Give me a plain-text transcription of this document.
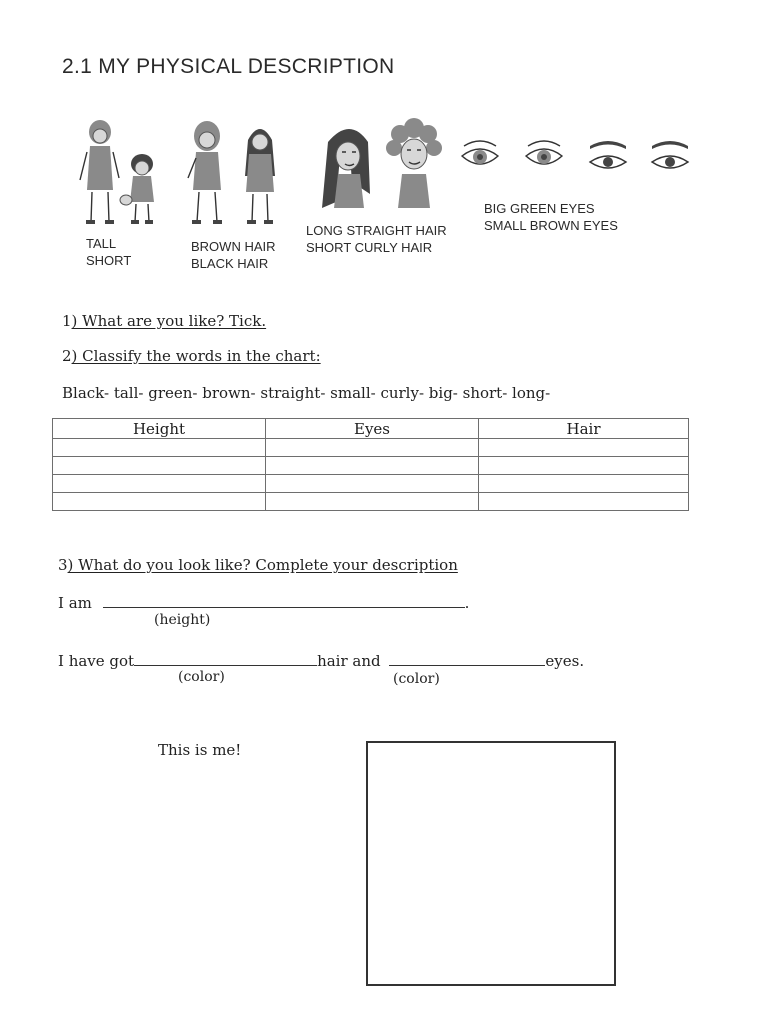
2.1 MY PHYSICAL DESCRIPTION
TALL
SHORT
BROWN HAIR
BLACK HAIR
LONG STRAIGHT HAIR
SHORT CURLY HAIR
BIG GREEN EYES
SMALL BROWN EYES
1) What are you like? Tick.
2) Classify the words in the chart:
Black- tall- green- brown- straight- small- curly- big- short- long-
Height	Eyes	Hair

3) What do you look like? Complete your description
I am	.
(height)
I have got	hair and	eyes.
(color)	(color)
This is me!
